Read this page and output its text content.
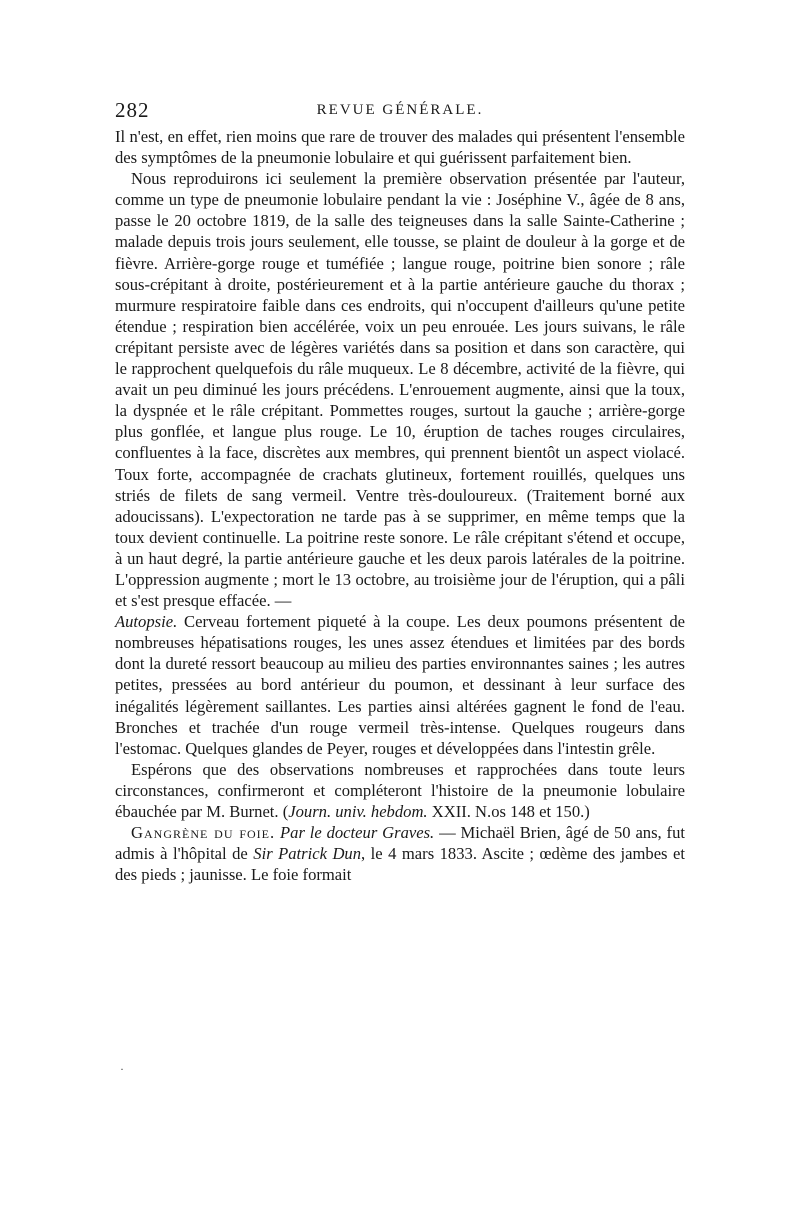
282	REVUE GÉNÉRALE.

Il n'est, en effet, rien moins que rare de trouver des malades qui présentent l'ensemble des symptômes de la pneumonie lobulaire et qui guérissent parfaitement bien.

Nous reproduirons ici seulement la première observation présentée par l'auteur, comme un type de pneumonie lobulaire pendant la vie : Joséphine V., âgée de 8 ans, passe le 20 octobre 1819, de la salle des teigneuses dans la salle Sainte-Catherine ; malade depuis trois jours seulement, elle tousse, se plaint de douleur à la gorge et de fièvre. Arrière-gorge rouge et tuméfiée ; langue rouge, poitrine bien sonore ; râle sous-crépitant à droite, postérieurement et à la partie antérieure gauche du thorax ; murmure respiratoire faible dans ces endroits, qui n'occupent d'ailleurs qu'une petite étendue ; respiration bien accélérée, voix un peu enrouée. Les jours suivans, le râle crépitant persiste avec de légères variétés dans sa position et dans son caractère, qui le rapprochent quelquefois du râle muqueux. Le 8 décembre, activité de la fièvre, qui avait un peu diminué les jours précédens. L'enrouement augmente, ainsi que la toux, la dyspnée et le râle crépitant. Pommettes rouges, surtout la gauche ; arrière-gorge plus gonflée, et langue plus rouge. Le 10, éruption de taches rouges circulaires, confluentes à la face, discrètes aux membres, qui prennent bientôt un aspect violacé. Toux forte, accompagnée de crachats glutineux, fortement rouillés, quelques uns striés de filets de sang vermeil. Ventre très-douloureux. (Traitement borné aux adoucissans). L'expectoration ne tarde pas à se supprimer, en même temps que la toux devient continuelle. La poitrine reste sonore. Le râle crépitant s'étend et occupe, à un haut degré, la partie antérieure gauche et les deux parois latérales de la poitrine. L'oppression augmente ; mort le 13 octobre, au troisième jour de l'éruption, qui a pâli et s'est presque effacée. —

Autopsie. Cerveau fortement piqueté à la coupe. Les deux poumons présentent de nombreuses hépatisations rouges, les unes assez étendues et limitées par des bords dont la dureté ressort beaucoup au milieu des parties environnantes saines ; les autres petites, pressées au bord antérieur du poumon, et dessinant à leur surface des inégalités légèrement saillantes. Les parties ainsi altérées gagnent le fond de l'eau. Bronches et trachée d'un rouge vermeil très-intense. Quelques rougeurs dans l'estomac. Quelques glandes de Peyer, rouges et développées dans l'intestin grêle.

Espérons que des observations nombreuses et rapprochées dans toute leurs circonstances, confirmeront et compléteront l'histoire de la pneumonie lobulaire ébauchée par M. Burnet. (Journ. univ. hebdom. XXII. N.os 148 et 150.)

Gangrène du foie. Par le docteur Graves. — Michaël Brien, âgé de 50 ans, fut admis à l'hôpital de Sir Patrick Dun, le 4 mars 1833. Ascite ; œdème des jambes et des pieds ; jaunisse. Le foie formait

·
